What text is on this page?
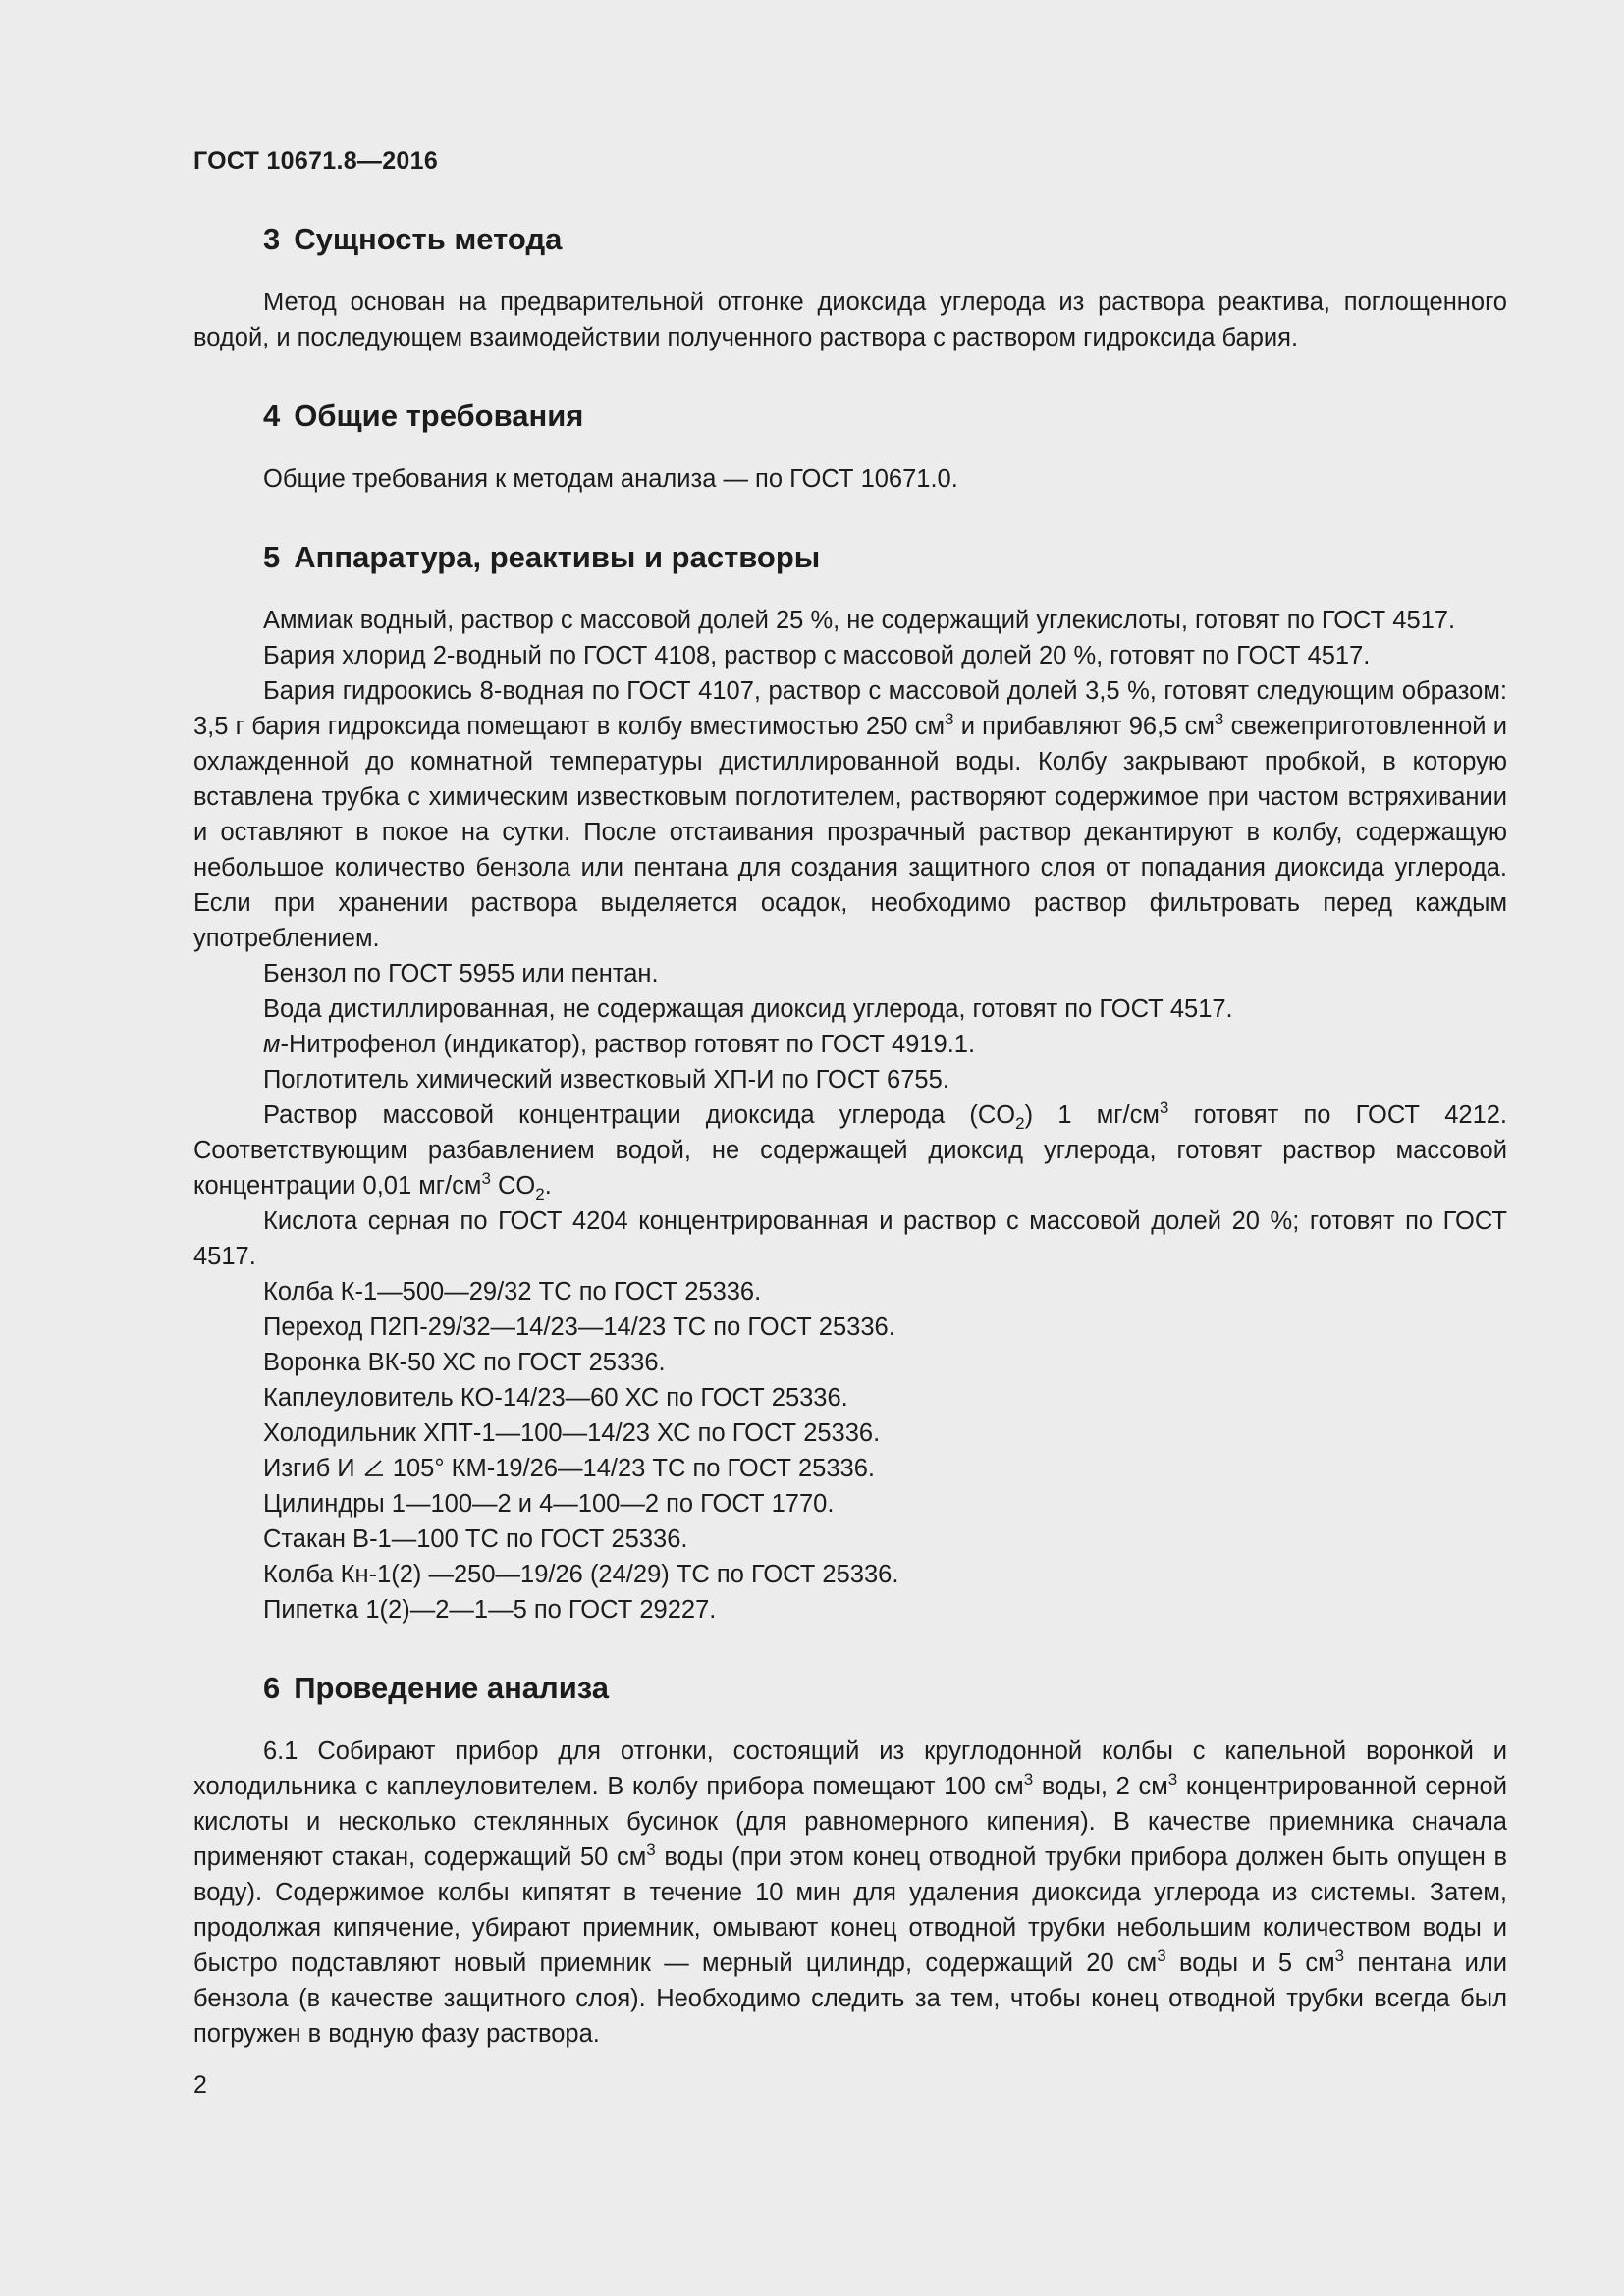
ГОСТ 10671.8—2016
3 Сущность метода

Метод основан на предварительной отгонке диоксида углерода из раствора реактива, поглощенного водой, и последующем взаимодействии полученного раствора с раствором гидроксида бария.

4 Общие требования

Общие требования к методам анализа — по ГОСТ 10671.0.

5 Аппаратура, реактивы и растворы

Аммиак водный, раствор с массовой долей 25 %, не содержащий углекислоты, готовят по ГОСТ 4517.

Бария хлорид 2-водный по ГОСТ 4108, раствор с массовой долей 20 %, готовят по ГОСТ 4517.

Бария гидроокись 8-водная по ГОСТ 4107, раствор с массовой долей 3,5 %, готовят следующим образом: 3,5 г бария гидроксида помещают в колбу вместимостью 250 $см^3$ и прибавляют 96,5 $см^3$ свежеприготовленной и охлажденной до комнатной температуры дистиллированной воды. Колбу закрывают пробкой, в которую вставлена трубка с химическим известковым поглотителем, растворяют содержимое при частом встряхивании и оставляют в покое на сутки. После отстаивания прозрачный раствор декантируют в колбу, содержащую небольшое количество бензола или пентана для создания защитного слоя от попадания диоксида углерода. Если при хранении раствора выделяется осадок, необходимо раствор фильтровать перед каждым употреблением.

Бензол по ГОСТ 5955 или пентан.

Вода дистиллированная, не содержащая диоксид углерода, готовят по ГОСТ 4517.

м-Нитрофенол (индикатор), раствор готовят по ГОСТ 4919.1.

Поглотитель химический известковый ХП-И по ГОСТ 6755.

Раствор массовой концентрации диоксида углерода $(CO_2)$ 1 $мг/см^3$ готовят по ГОСТ 4212. Соответствующим разбавлением водой, не содержащей диоксид углерода, готовят раствор массовой концентрации 0,01 $мг/см^3$ $CO_2$.

Кислота серная по ГОСТ 4204 концентрированная и раствор с массовой долей 20 %; готовят по ГОСТ 4517.

Колба К-1—500—29/32 ТС по ГОСТ 25336.

Переход П2П-29/32—14/23—14/23 ТС по ГОСТ 25336.

Воронка ВК-50 ХС по ГОСТ 25336.

Каплеуловитель КО-14/23—60 ХС по ГОСТ 25336.

Холодильник ХПТ-1—100—14/23 ХС по ГОСТ 25336.

Изгиб И 105° КМ-19/26—14/23 ТС по ГОСТ 25336.

Цилиндры 1—100—2 и 4—100—2 по ГОСТ 1770.

Стакан В-1—100 ТС по ГОСТ 25336.

Колба Кн-1(2) —250—19/26 (24/29) ТС по ГОСТ 25336.

Пипетка 1(2)—2—1—5 по ГОСТ 29227.

6 Проведение анализа

6.1 Собирают прибор для отгонки, состоящий из круглодонной колбы с капельной воронкой и холодильника с каплеуловителем. В колбу прибора помещают 100 $см^3$ воды, 2 $см^3$ концентрированной серной кислоты и несколько стеклянных бусинок (для равномерного кипения). В качестве приемника сначала применяют стакан, содержащий 50 $см^3$ воды (при этом конец отводной трубки прибора должен быть опущен в воду). Содержимое колбы кипятят в течение 10 мин для удаления диоксида углерода из системы. Затем, продолжая кипячение, убирают приемник, омывают конец отводной трубки небольшим количеством воды и быстро подставляют новый приемник — мерный цилиндр, содержащий 20 $см^3$ воды и 5 $см^3$ пентана или бензола (в качестве защитного слоя). Необходимо следить за тем, чтобы конец отводной трубки всегда был погружен в водную фазу раствора.

2
